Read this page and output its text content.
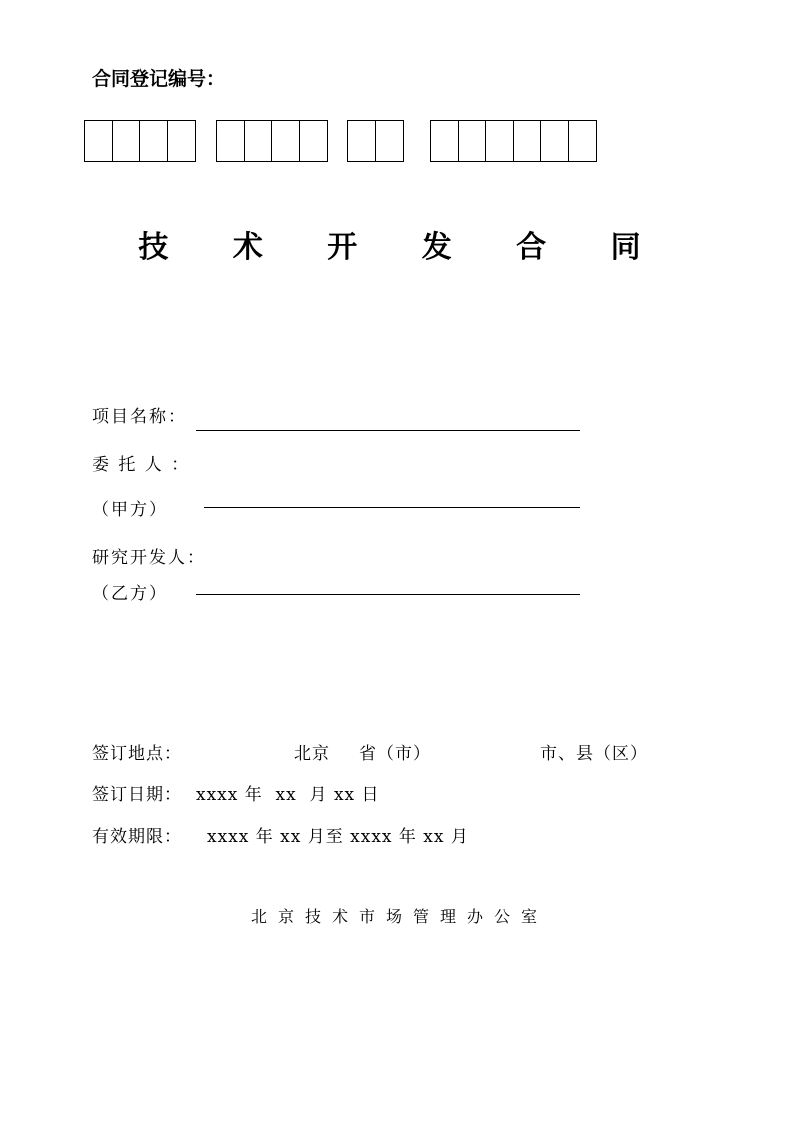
合同登记编号：
技 术 开 发 合 同
项目名称：
委 托 人 ：
（甲方）
研究开发人：
（乙方）
签订地点：	北京 省（市）	市、县（区）
签订日期： xxxx 年  xx  月 xx 日
有效期限： xxxx 年 xx 月至 xxxx 年 xx 月
北京技术市场管理办公室
